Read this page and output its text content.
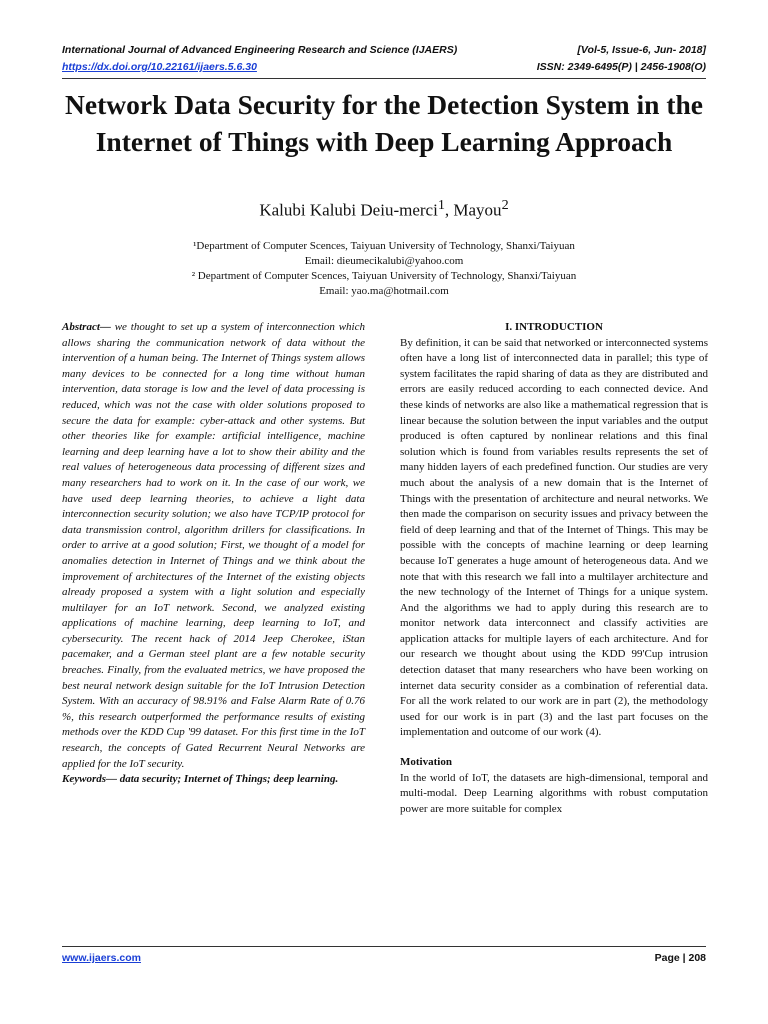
International Journal of Advanced Engineering Research and Science (IJAERS)	[Vol-5, Issue-6, Jun- 2018]
https://dx.doi.org/10.22161/ijaers.5.6.30	ISSN: 2349-6495(P) | 2456-1908(O)
Network Data Security for the Detection System in the Internet of Things with Deep Learning Approach
Kalubi Kalubi Deiu-merci$^1$, Mayou$^2$
¹Department of Computer Scences, Taiyuan University of Technology, Shanxi/Taiyuan
Email: dieumecikalubi@yahoo.com
² Department of Computer Scences, Taiyuan University of Technology, Shanxi/Taiyuan
Email: yao.ma@hotmail.com

Abstract— we thought to set up a system of interconnection which allows sharing the communication network of data without the intervention of a human being. The Internet of Things system allows many devices to be connected for a long time without human intervention, data storage is low and the level of data processing is reduced, which was not the case with older solutions proposed to secure the data for example: cyber-attack and other systems. But other theories like for example: artificial intelligence, machine learning and deep learning have a lot to show their ability and the real values of heterogeneous data processing of different sizes and many researchers had to work on it. In the case of our work, we have used deep learning theories, to achieve a light data interconnection security solution; we also have TCP/IP protocol for data transmission control, algorithm drillers for classifications. In order to arrive at a good solution; First, we thought of a model for anomalies detection in Internet of Things and we think about the improvement of architectures of the Internet of the existing objects already proposed a system with a light solution and especially multilayer for an IoT network. Second, we analyzed existing applications of machine learning, deep learning to IoT, and cybersecurity. The recent hack of 2014 Jeep Cherokee, iStan pacemaker, and a German steel plant are a few notable security breaches. Finally, from the evaluated metrics, we have proposed the best neural network design suitable for the IoT Intrusion Detection System. With an accuracy of 98.91% and False Alarm Rate of 0.76 %, this research outperformed the performance results of existing methods over the KDD Cup '99 dataset. For this first time in the IoT research, the concepts of Gated Recurrent Neural Networks are applied for the IoT security.

Keywords— data security; Internet of Things; deep learning.

I. INTRODUCTION

By definition, it can be said that networked or interconnected systems often have a long list of interconnected data in parallel; this type of system facilitates the rapid sharing of data as they are distributed and errors are easily reduced according to each connected device. And these kinds of networks are also like a mathematical regression that is linear because the solution between the input variables and the output produced is often captured by nonlinear relations and this final solution which is found from variables results represents the set of many hidden layers of each predefined function. Our studies are very much about the analysis of a new domain that is the Internet of Things with the presentation of architecture and neural networks. We then made the comparison on security issues and privacy between the field of deep learning and that of the Internet of Things. This may be possible with the concepts of machine learning or deep learning because IoT generates a huge amount of heterogeneous data. And we note that with this research we fall into a multilayer architecture and the new technology of the Internet of Things for a unique system. And the algorithms we had to apply during this research are to monitor network data interconnect and classify activities are application attacks for multiple layers of each architecture. And for our research we thought about using the KDD 99'Cup intrusion detection dataset that many researchers who have been working on internet data security consider as a combination of referential data. For all the work related to our work are in part (2), the methodology used for our work is in part (3) and the last part focuses on the implementation and outcome of our work (4).

Motivation

In the world of IoT, the datasets are high-dimensional, temporal and multi-modal. Deep Learning algorithms with robust computation power are more suitable for complex

www.ijaers.com	Page | 208
